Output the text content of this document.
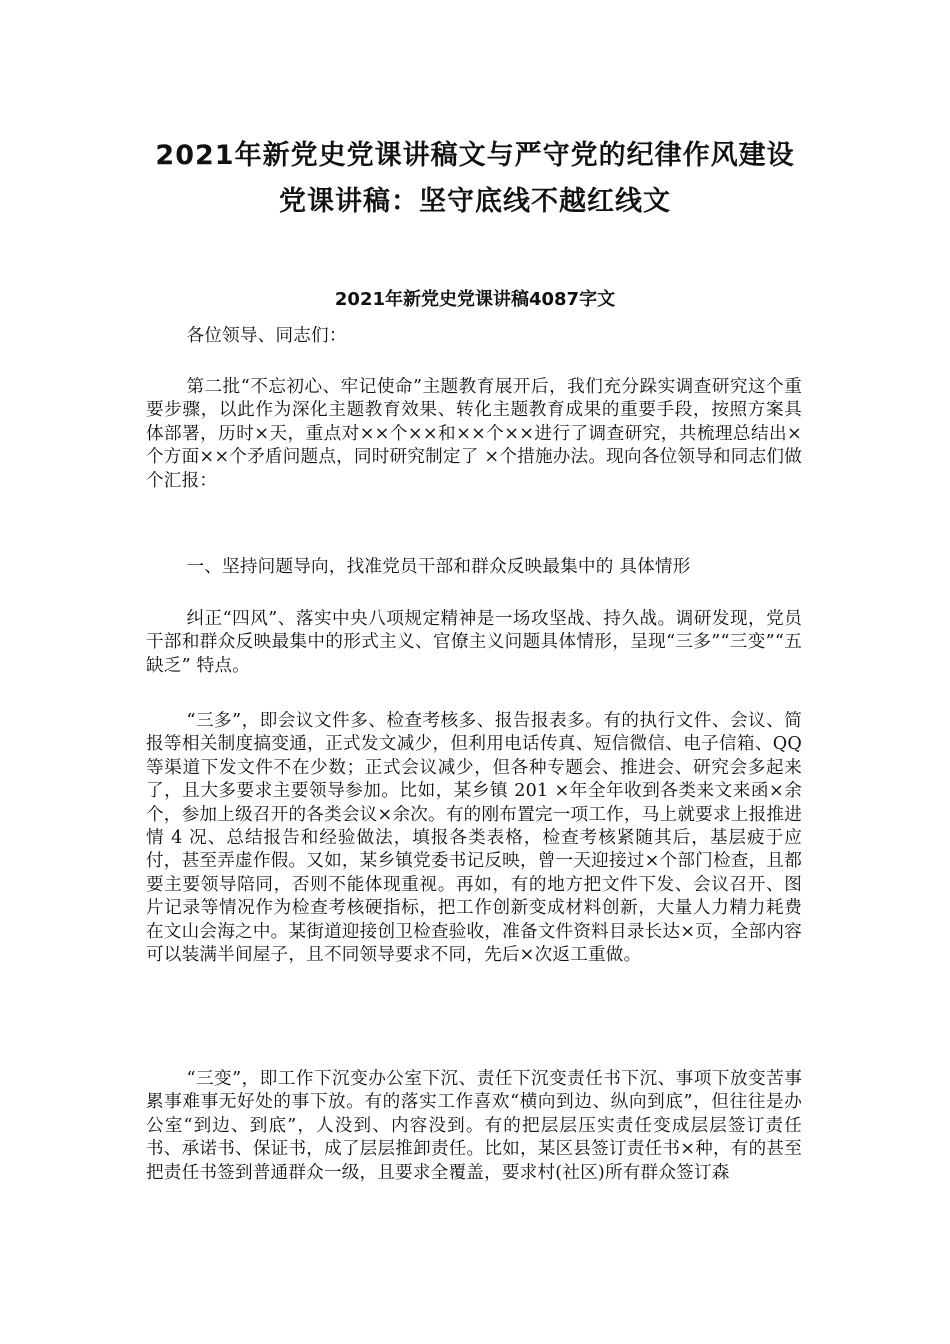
2021年新党史党课讲稿文与严守党的纪律作风建设
党课讲稿：坚守底线不越红线文
2021年新党史党课讲稿4087字文

各位领导、同志们：

第二批“不忘初心、牢记使命”主题教育展开后，我们充分跺实调查研究这个重要步骤，以此作为深化主题教育效果、转化主题教育成果的重要手段，按照方案具体部署，历时×天，重点对××个××和××个××进行了调查研究，共梳理总结出×个方面××个矛盾问题点，同时研究制定了 ×个措施办法。现向各位领导和同志们做个汇报：

一、坚持问题导向，找准党员干部和群众反映最集中的 具体情形

纠正“四风”、落实中央八项规定精神是一场攻坚战、持久战。调研发现，党员干部和群众反映最集中的形式主义、官僚主义问题具体情形，呈现“三多”“三变”“五缺乏” 特点。

“三多”，即会议文件多、检查考核多、报告报表多。有的执行文件、会议、简报等相关制度搞变通，正式发文减少，但利用电话传真、短信微信、电子信箱、QQ 等渠道下发文件不在少数；正式会议减少，但各种专题会、推进会、研究会多起来了，且大多要求主要领导参加。比如，某乡镇 201 ×年全年收到各类来文来函×余个，参加上级召开的各类会议×余次。有的刚布置完一项工作，马上就要求上报推进情 4 况、总结报告和经验做法，填报各类表格，检查考核紧随其后，基层疲于应付，甚至弄虚作假。又如，某乡镇党委书记反映，曾一天迎接过×个部门检查，且都要主要领导陪同，否则不能体现重视。再如，有的地方把文件下发、会议召开、图片记录等情况作为检查考核硬指标，把工作创新变成材料创新，大量人力精力耗费在文山会海之中。某街道迎接创卫检查验收，准备文件资料目录长达×页，全部内容可以装满半间屋子，且不同领导要求不同，先后×次返工重做。

“三变”，即工作下沉变办公室下沉、责任下沉变责任书下沉、事项下放变苦事累事难事无好处的事下放。有的落实工作喜欢“横向到边、纵向到底”，但往往是办公室“到边、到底”，人没到、内容没到。有的把层层压实责任变成层层签订责任书、承诺书、保证书，成了层层推卸责任。比如，某区县签订责任书×种，有的甚至把责任书签到普通群众一级，且要求全覆盖，要求村(社区)所有群众签订森
